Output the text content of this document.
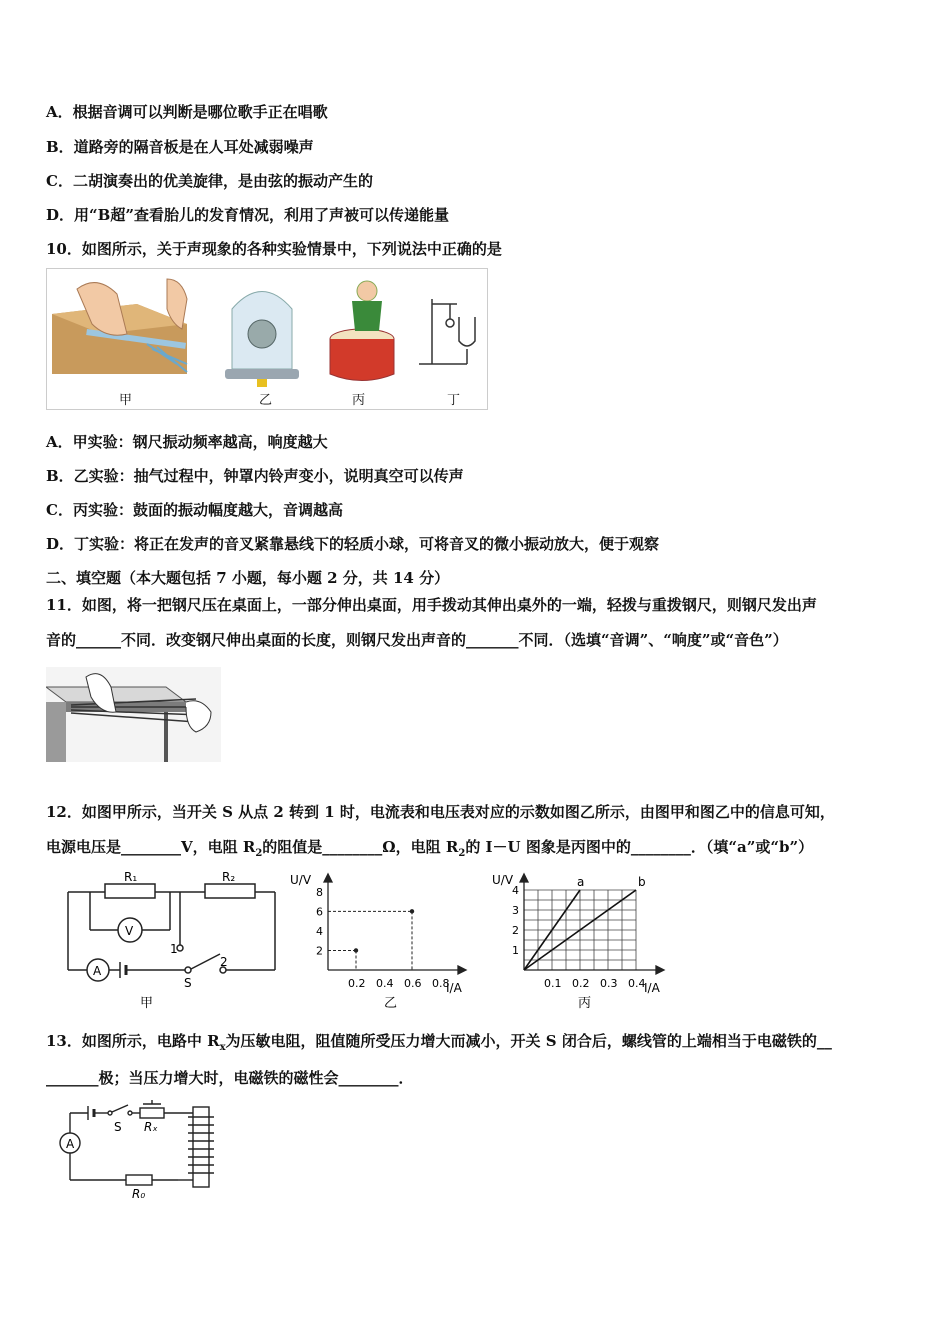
A．根据音调可以判断是哪位歌手正在唱歌
B．道路旁的隔音板是在人耳处减弱噪声
C．二胡演奏出的优美旋律，是由弦的振动产生的
D．用“B超”查看胎儿的发育情况，利用了声被可以传递能量
10．如图所示，关于声现象的各种实验情景中，下列说法中正确的是
甲	乙	丙	丁
A．甲实验：钢尺振动频率越高，响度越大
B．乙实验：抽气过程中，钟罩内铃声变小，说明真空可以传声
C．丙实验：鼓面的振动幅度越大，音调越高
D．丁实验：将正在发声的音叉紧靠悬线下的轻质小球，可将音叉的微小振动放大，便于观察
二、填空题（本大题包括 7 小题，每小题 2 分，共 14 分）
11．如图，将一把钢尺压在桌面上，一部分伸出桌面，用手拨动其伸出桌外的一端，轻拨与重拨钢尺，则钢尺发出声
音的______不同．改变钢尺伸出桌面的长度，则钢尺发出声音的_______不同．（选填“音调”、“响度”或“音色”）
12．如图甲所示，当开关 S 从点 2 转到 1 时，电流表和电压表对应的示数如图乙所示，由图甲和图乙中的信息可知，
电源电压是________V，电阻 $R_2$的阻值是________Ω，电阻 $R_2$的 I－U 图象是丙图中的________．（填“a”或“b”）
R₁	R₂
V
A
S
1
2
甲
2
4
6
8
0.2 0.4 0.6 0.8
U/V
I/A
乙
a	b
1
2
3
4
0.1 0.2 0.3 0.4
U/V
I/A
丙
13．如图所示，电路中 $R_x$为压敏电阻，阻值随所受压力增大而减小，开关 S 闭合后，螺线管的上端相当于电磁铁的__
_______极；当压力增大时，电磁铁的磁性会________．
A
S Rₓ
R₀
